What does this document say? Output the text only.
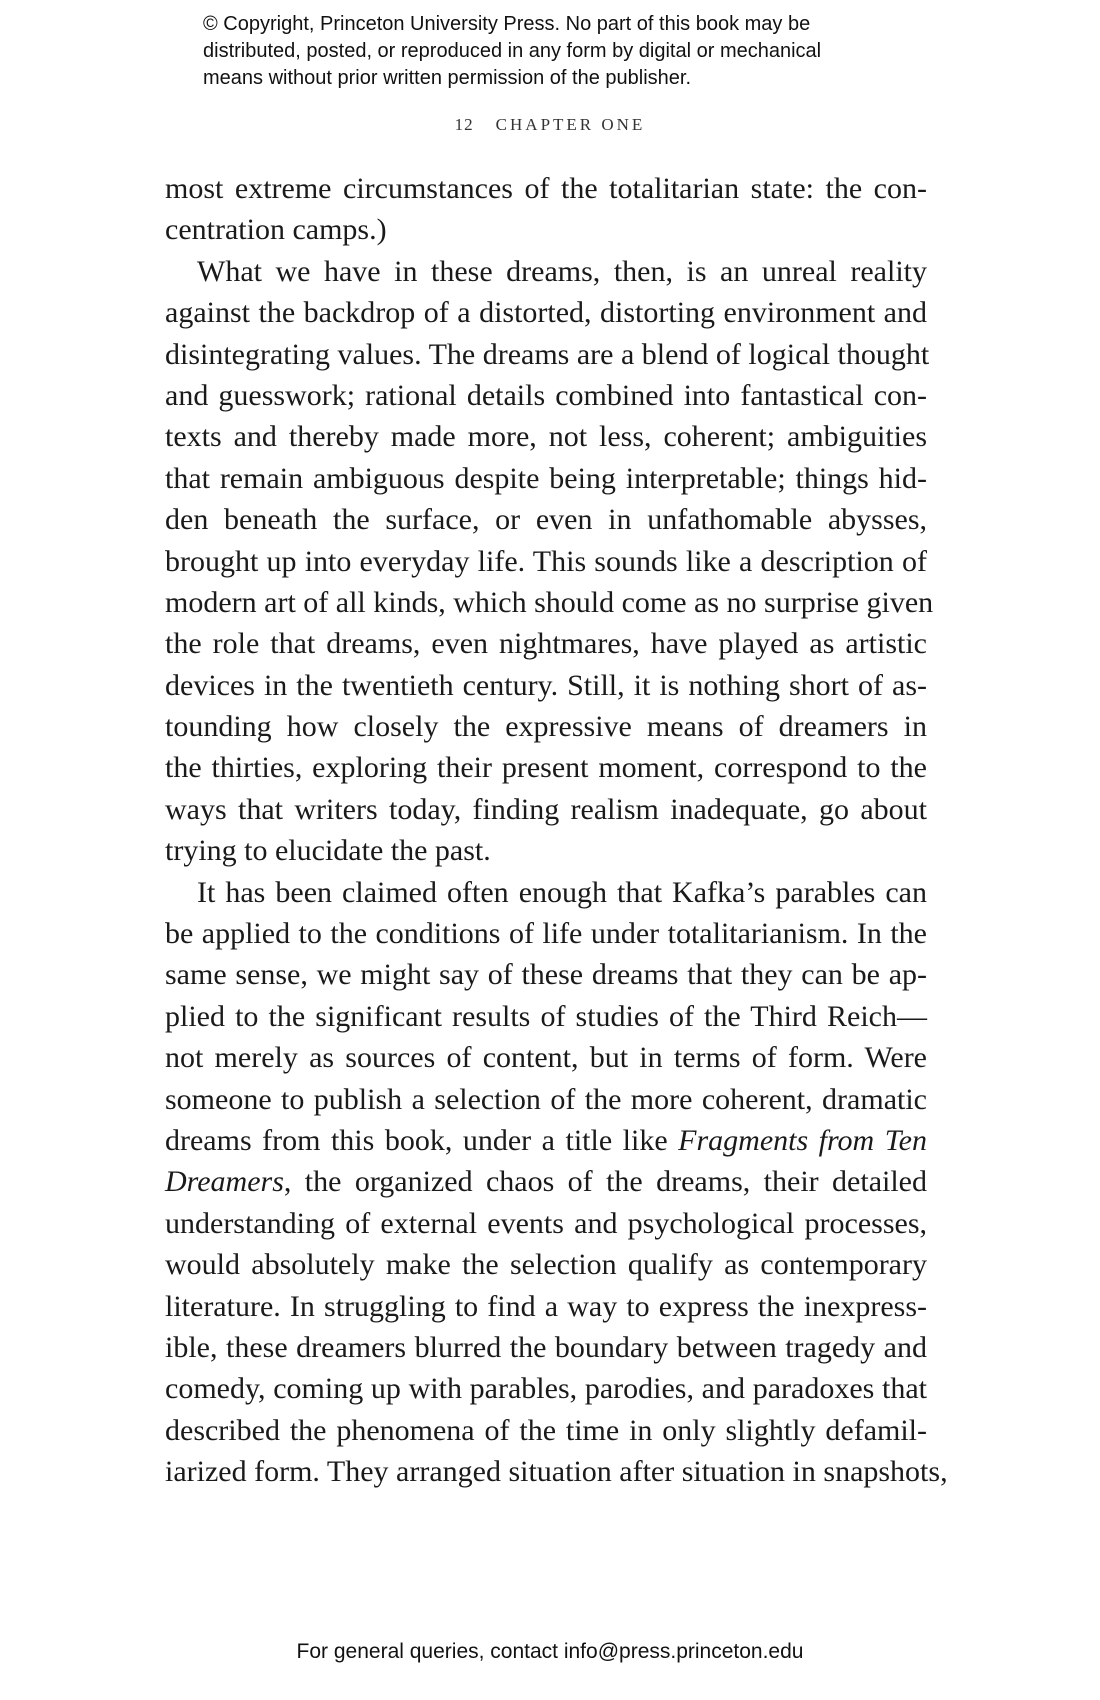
© Copyright, Princeton University Press. No part of this book may be
distributed, posted, or reproduced in any form by digital or mechanical
means without prior written permission of the publisher.
12 CHAPTER ONE
most extreme circumstances of the totalitarian state: the con-
centration camps.)
What we have in these dreams, then, is an unreal reality
against the backdrop of a distorted, distorting environment and
disintegrating values. The dreams are a blend of logical thought
and guesswork; rational details combined into fantastical con-
texts and thereby made more, not less, coherent; ambiguities
that remain ambiguous despite being interpretable; things hid-
den beneath the surface, or even in unfathomable abysses,
brought up into everyday life. This sounds like a description of
modern art of all kinds, which should come as no surprise given
the role that dreams, even nightmares, have played as artistic
devices in the twentieth century. Still, it is nothing short of as-
tounding how closely the expressive means of dreamers in
the thirties, exploring their present moment, correspond to the
ways that writers today, finding realism inadequate, go about
trying to elucidate the past.
It has been claimed often enough that Kafka’s parables can
be applied to the conditions of life under totalitarianism. In the
same sense, we might say of these dreams that they can be ap-
plied to the significant results of studies of the Third Reich—
not merely as sources of content, but in terms of form. Were
someone to publish a selection of the more coherent, dramatic
dreams from this book, under a title like Fragments from Ten
Dreamers, the organized chaos of the dreams, their detailed
understanding of external events and psychological processes,
would absolutely make the selection qualify as contemporary
literature. In struggling to find a way to express the inexpress-
ible, these dreamers blurred the boundary between tragedy and
comedy, coming up with parables, parodies, and paradoxes that
described the phenomena of the time in only slightly defamil-
iarized form. They arranged situation after situation in snapshots,
For general queries, contact info@press.princeton.edu
